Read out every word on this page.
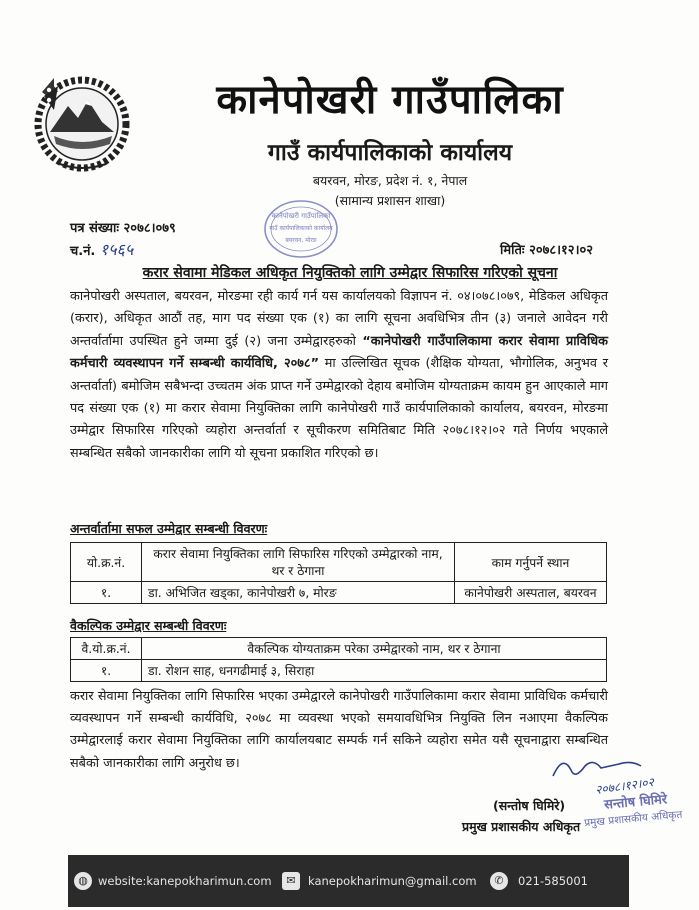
कानेपोखरी गाउँपालिका
गाउँ कार्यपालिकाको कार्यालय
बयरवन, मोरङ, प्रदेश नं. १, नेपाल
(सामान्य प्रशासन शाखा)
पत्र संख्याः २०७८।०७९
च.नं. १५६५	मितिः २०७८।१२।०२
कानेपोखरी गाउँपालिका
गाउँ कार्यपालिकाको कार्यालय
बयरवन, मोरङ
करार सेवामा मेडिकल अधिकृत नियुक्तिको लागि उम्मेद्वार सिफारिस गरिएको सूचना
कानेपोखरी अस्पताल, बयरवन, मोरङमा रही कार्य गर्न यस कार्यालयको विज्ञापन नं. ०४।०७८।०७९, मेडिकल अधिकृत (करार), अधिकृत आठौं तह, माग पद संख्या एक (१) का लागि सूचना अवधिभित्र तीन (३) जनाले आवेदन गरी अन्तर्वार्तामा उपस्थित हुने जम्मा दुई (२) जना उम्मेद्वारहरुको “कानेपोखरी गाउँपालिकामा करार सेवामा प्राविधिक कर्मचारी व्यवस्थापन गर्ने सम्बन्धी कार्यविधि, २०७८” मा उल्लिखित सूचक (शैक्षिक योग्यता, भौगोलिक, अनुभव र अन्तर्वार्ता) बमोजिम सबैभन्दा उच्चतम अंक प्राप्त गर्ने उम्मेद्वारको देहाय बमोजिम योग्यताक्रम कायम हुन आएकाले माग पद संख्या एक (१) मा करार सेवामा नियुक्तिका लागि कानेपोखरी गाउँ कार्यपालिकाको कार्यालय, बयरवन, मोरङमा उम्मेद्वार सिफारिस गरिएको व्यहोरा अन्तर्वार्ता र सूचीकरण समितिबाट मिति २०७८।१२।०२ गते निर्णय भएकाले सम्बन्धित सबैको जानकारीका लागि यो सूचना प्रकाशित गरिएको छ।
अन्तर्वार्तामा सफल उम्मेद्वार सम्बन्धी विवरणः
यो.क्र.नं.	करार सेवामा नियुक्तिका लागि सिफारिस गरिएको उम्मेद्वारको नाम, थर र ठेगाना	काम गर्नुपर्ने स्थान
१.	डा. अभिजित खड्का, कानेपोखरी ७, मोरङ	कानेपोखरी अस्पताल, बयरवन
वैकल्पिक उम्मेद्वार सम्बन्धी विवरणः
वै.यो.क्र.नं.	वैकल्पिक योग्यताक्रम परेका उम्मेद्वारको नाम, थर र ठेगाना
१.	डा. रोशन साह, धनगढीमाई ३, सिराहा
करार सेवामा नियुक्तिका लागि सिफारिस भएका उम्मेद्वारले कानेपोखरी गाउँपालिकामा करार सेवामा प्राविधिक कर्मचारी व्यवस्थापन गर्ने सम्बन्धी कार्यविधि, २०७८ मा व्यवस्था भएको समयावधिभित्र नियुक्ति लिन नआएमा वैकल्पिक उम्मेद्वारलाई करार सेवामा नियुक्तिका लागि कार्यालयबाट सम्पर्क गर्न सकिने व्यहोरा समेत यसै सूचनाद्वारा सम्बन्धित सबैको जानकारीका लागि अनुरोध छ।
२०७८।१२।०२
(सन्तोष घिमिरे)
प्रमुख प्रशासकीय अधिकृत
सन्तोष घिमिरे
प्रमुख प्रशासकीय अधिकृत
◍ website:kanepokharimun.com	✉	kanepokharimun@gmail.com	✆	021-585001
